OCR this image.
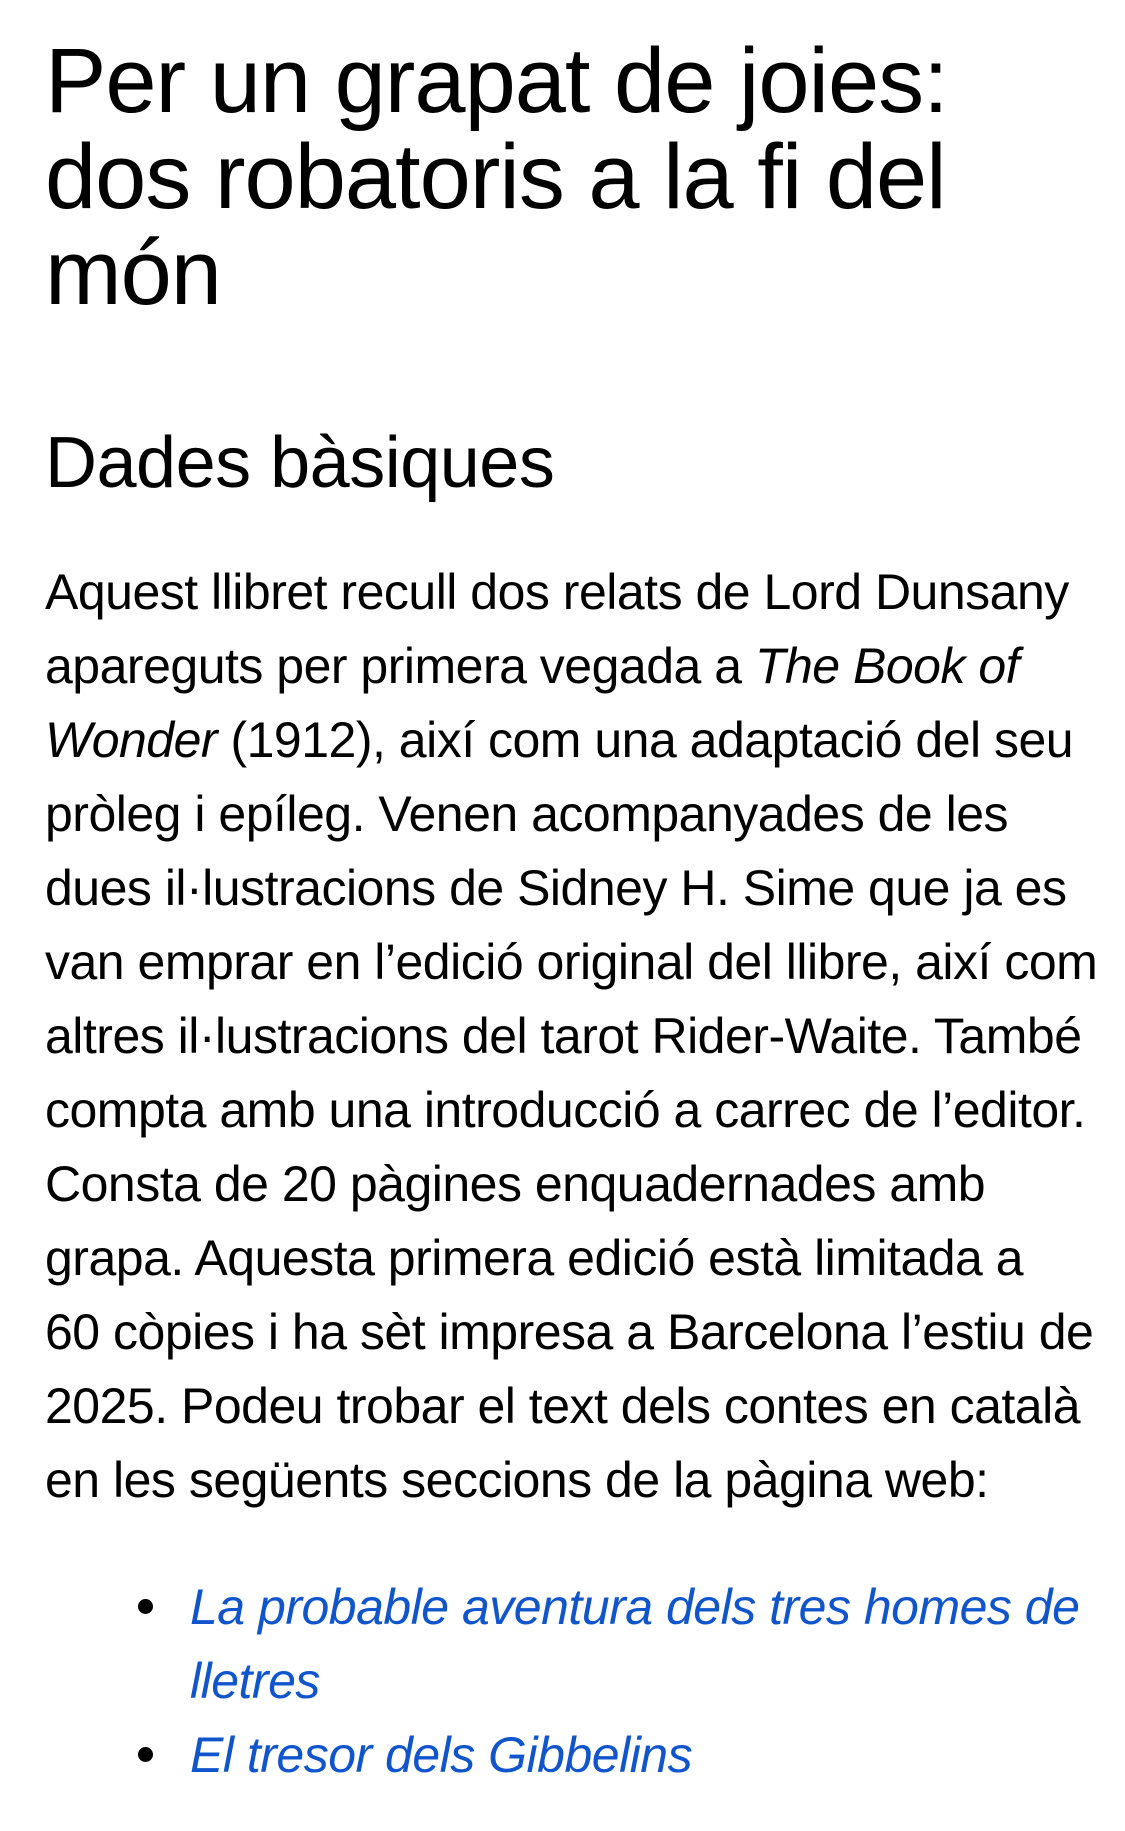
Per un grapat de joies:
dos robatoris a la fi del
món
Dades bàsiques

Aquest llibret recull dos relats de Lord Dunsany
apareguts per primera vegada a The Book of
Wonder (1912), així com una adaptació del seu
pròleg i epíleg. Venen acompanyades de les
dues il·lustracions de Sidney H. Sime que ja es
van emprar en l’edició original del llibre, així com
altres il·lustracions del tarot Rider-Waite. També
compta amb una introducció a carrec de l’editor.
Consta de 20 pàgines enquadernades amb
grapa. Aquesta primera edició està limitada a
60 còpies i ha sèt impresa a Barcelona l’estiu de
2025. Podeu trobar el text dels contes en català
en les següents seccions de la pàgina web:

La probable aventura dels tres homes de
lletres
El tresor dels Gibbelins
